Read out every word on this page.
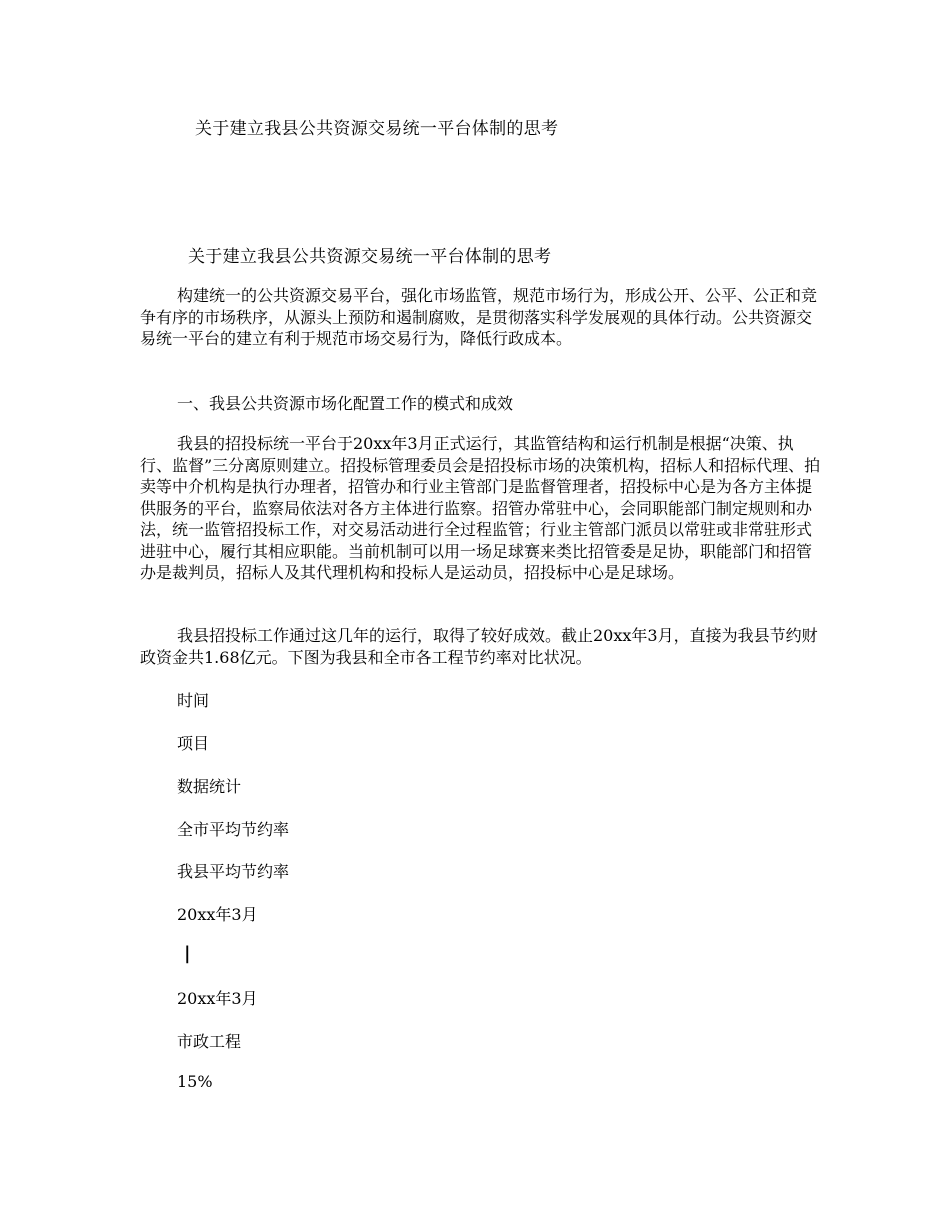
关于建立我县公共资源交易统一平台体制的思考
关于建立我县公共资源交易统一平台体制的思考
构建统一的公共资源交易平台，强化市场监管，规范市场行为，形成公开、公平、公正和竞争有序的市场秩序，从源头上预防和遏制腐败，是贯彻落实科学发展观的具体行动。公共资源交易统一平台的建立有利于规范市场交易行为，降低行政成本。
一、我县公共资源市场化配置工作的模式和成效
我县的招投标统一平台于20xx年3月正式运行，其监管结构和运行机制是根据“决策、执行、监督”三分离原则建立。招投标管理委员会是招投标市场的决策机构，招标人和招标代理、拍卖等中介机构是执行办理者，招管办和行业主管部门是监督管理者，招投标中心是为各方主体提供服务的平台，监察局依法对各方主体进行监察。招管办常驻中心，会同职能部门制定规则和办法，统一监管招投标工作，对交易活动进行全过程监管；行业主管部门派员以常驻或非常驻形式进驻中心，履行其相应职能。当前机制可以用一场足球赛来类比招管委是足协，职能部门和招管办是裁判员，招标人及其代理机构和投标人是运动员，招投标中心是足球场。
我县招投标工作通过这几年的运行，取得了较好成效。截止20xx年3月，直接为我县节约财政资金共1.68亿元。下图为我县和全市各工程节约率对比状况。
时间
项目
数据统计
全市平均节约率
我县平均节约率
20xx年3月
|
20xx年3月
市政工程
15%
